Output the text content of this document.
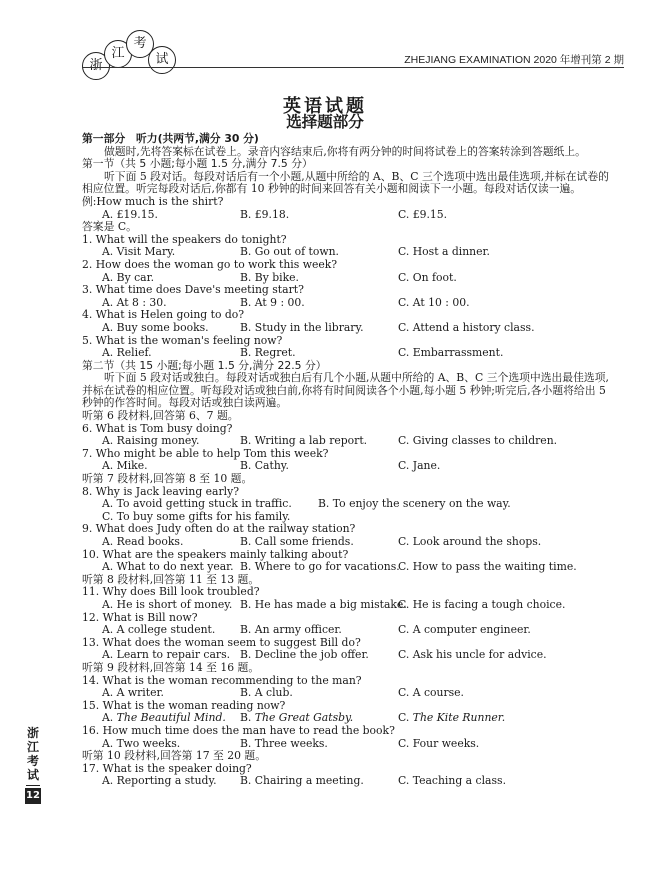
浙
江
考
试	ZHEJIANG EXAMINATION 2020 年增刊第 2 期
英语试题
选择题部分
第一部分　听力(共两节,满分 30 分)
做题时,先将答案标在试卷上。录音内容结束后,你将有两分钟的时间将试卷上的答案转涂到答题纸上。
第一节（共 5 小题;每小题 1.5 分,满分 7.5 分）
听下面 5 段对话。每段对话后有一个小题,从题中所给的 A、B、C 三个选项中选出最佳选项,并标在试卷的相应位置。听完每段对话后,你都有 10 秒钟的时间来回答有关小题和阅读下一小题。每段对话仅读一遍。
例:How much is the shirt?
A. £19.15.	B. £9.18.	C. £9.15.
答案是 C。
1. What will the speakers do tonight?
A. Visit Mary.	B. Go out of town.	C. Host a dinner.
2. How does the woman go to work this week?
A. By car.	B. By bike.	C. On foot.
3. What time does Dave's meeting start?
A. At 8 : 30.	B. At 9 : 00.	C. At 10 : 00.
4. What is Helen going to do?
A. Buy some books.	B. Study in the library.	C. Attend a history class.
5. What is the woman's feeling now?
A. Relief.	B. Regret.	C. Embarrassment.
第二节（共 15 小题;每小题 1.5 分,满分 22.5 分）
听下面 5 段对话或独白。每段对话或独白后有几个小题,从题中所给的 A、B、C 三个选项中选出最佳选项,并标在试卷的相应位置。听每段对话或独白前,你将有时间阅读各个小题,每小题 5 秒钟;听完后,各小题将给出 5 秒钟的作答时间。每段对话或独白读两遍。
听第 6 段材料,回答第 6、7 题。
6. What is Tom busy doing?
A. Raising money.	B. Writing a lab report.	C. Giving classes to children.
7. Who might be able to help Tom this week?
A. Mike.	B. Cathy.	C. Jane.
听第 7 段材料,回答第 8 至 10 题。
8. Why is Jack leaving early?
A. To avoid getting stuck in traffic. B. To enjoy the scenery on the way.
C. To buy some gifts for his family.
9. What does Judy often do at the railway station?
A. Read books.	B. Call some friends.	C. Look around the shops.
10. What are the speakers mainly talking about?
A. What to do next year. B. Where to go for vacations.
C. How to pass the waiting time.
听第 8 段材料,回答第 11 至 13 题。
11. Why does Bill look troubled?
A. He is short of money. B. He has made a big mistake.
C. He is facing a tough choice.
12. What is Bill now?
A. A college student. B. An army officer.	C. A computer engineer.
13. What does the woman seem to suggest Bill do?
A. Learn to repair cars. B. Decline the job offer.	C. Ask his uncle for advice.
听第 9 段材料,回答第 14 至 16 题。
14. What is the woman recommending to the man?
A. A writer.	B. A club.	C. A course.
15. What is the woman reading now?
A. The Beautiful Mind. B. The Great Gatsby.	C. The Kite Runner.
16. How much time does the man have to read the book?
A. Two weeks.	B. Three weeks.	C. Four weeks.
听第 10 段材料,回答第 17 至 20 题。
17. What is the speaker doing?
A. Reporting a study. B. Chairing a meeting.	C. Teaching a class.
浙
江
考
试
12
